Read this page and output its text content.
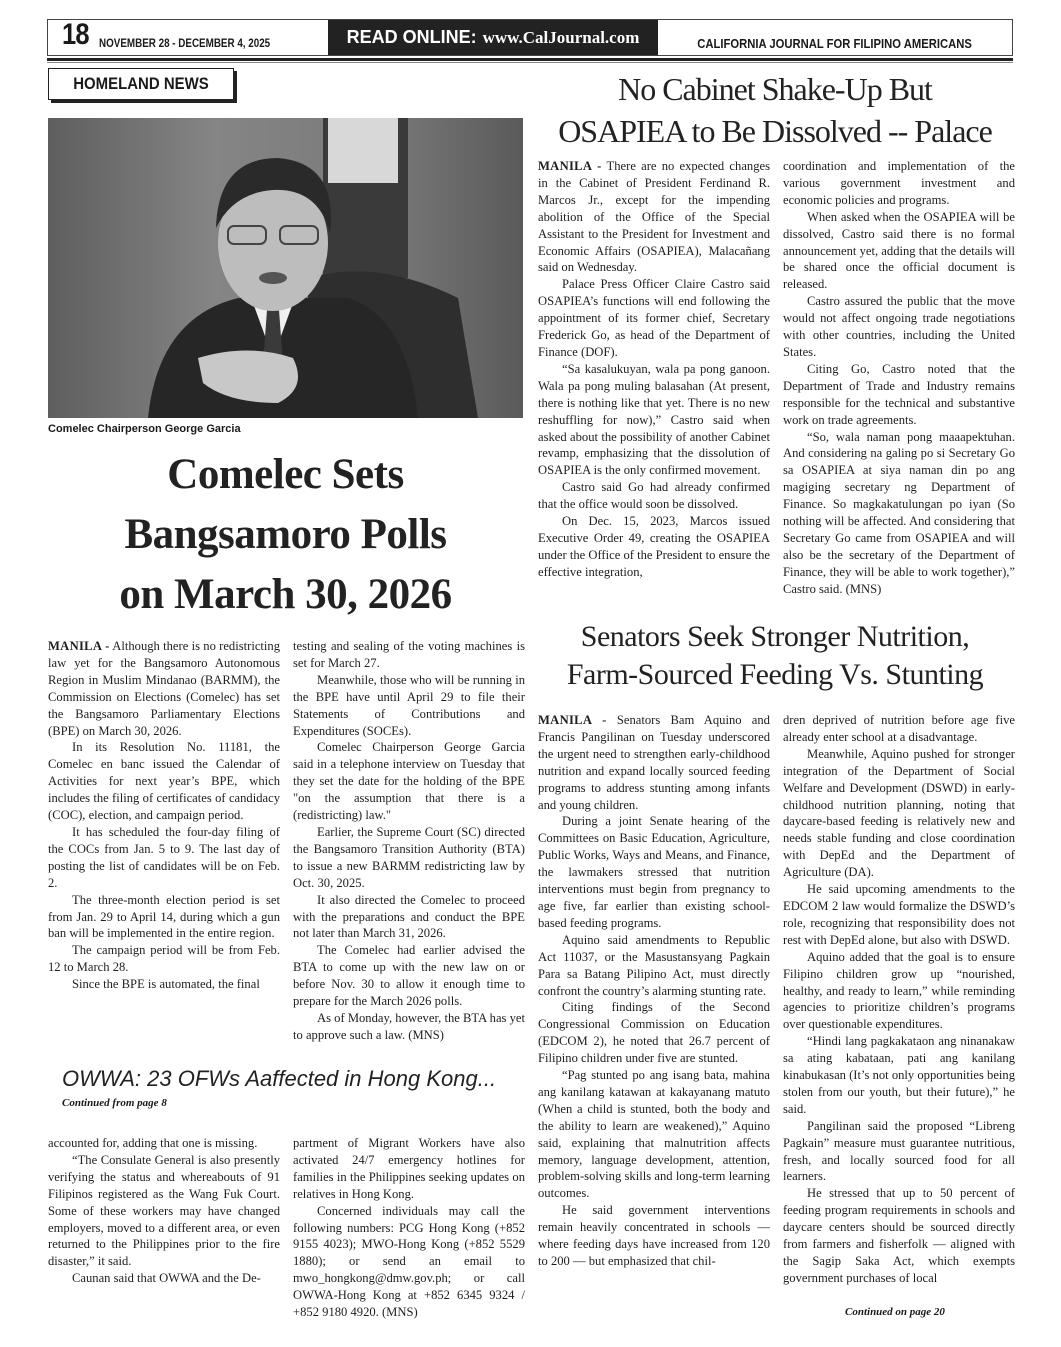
18 NOVEMBER 28 - DECEMBER 4, 2025	READ ONLINE: www.CalJournal.com	CALIFORNIA JOURNAL FOR FILIPINO AMERICANS
HOMELAND NEWS	No Cabinet Shake-Up But
OSAPIEA to Be Dissolved -- Palace
Comelec Chairperson George Garcia
Comelec Sets
Bangsamoro Polls
on March 30, 2026
Senators Seek Stronger Nutrition,
Farm-Sourced Feeding Vs. Stunting
OWWA: 23 OFWs Aaffected in Hong Kong...
Continued from page 8

MANILA - There are no expected changes in the Cabinet of President Ferdinand R. Marcos Jr., except for the impending abolition of the Office of the Special Assistant to the President for Investment and Economic Affairs (OSAPIEA), Malacañang said on Wednesday.

Palace Press Officer Claire Castro said OSAPIEA’s functions will end following the appointment of its former chief, Secretary Frederick Go, as head of the Department of Finance (DOF).

“Sa kasalukuyan, wala pa pong ganoon. Wala pa pong muling balasahan (At present, there is nothing like that yet. There is no new reshuffling for now),” Castro said when asked about the possibility of another Cabinet revamp, emphasizing that the dissolution of OSAPIEA is the only confirmed movement.

Castro said Go had already confirmed that the office would soon be dissolved.

On Dec. 15, 2023, Marcos issued Executive Order 49, creating the OSAPIEA under the Office of the President to ensure the effective integration,

coordination and implementation of the various government investment and economic policies and programs.

When asked when the OSAPIEA will be dissolved, Castro said there is no formal announcement yet, adding that the details will be shared once the official document is released.

Castro assured the public that the move would not affect ongoing trade negotiations with other countries, including the United States.

Citing Go, Castro noted that the Department of Trade and Industry remains responsible for the technical and substantive work on trade agreements.

“So, wala naman pong maaapektuhan. And considering na galing po si Secretary Go sa OSAPIEA at siya naman din po ang magiging secretary ng Department of Finance. So magkakatulungan po iyan (So nothing will be affected. And considering that Secretary Go came from OSAPIEA and will also be the secretary of the Department of Finance, they will be able to work together),” Castro said. (MNS)

MANILA - Although there is no redistricting law yet for the Bangsamoro Autonomous Region in Muslim Mindanao (BARMM), the Commission on Elections (Comelec) has set the Bangsamoro Parliamentary Elections (BPE) on March 30, 2026.

In its Resolution No. 11181, the Comelec en banc issued the Calendar of Activities for next year’s BPE, which includes the filing of certificates of candidacy (COC), election, and campaign period.

It has scheduled the four-day filing of the COCs from Jan. 5 to 9. The last day of posting the list of candidates will be on Feb. 2.

The three-month election period is set from Jan. 29 to April 14, during which a gun ban will be implemented in the entire region.

The campaign period will be from Feb. 12 to March 28.

Since the BPE is automated, the final

testing and sealing of the voting machines is set for March 27.

Meanwhile, those who will be running in the BPE have until April 29 to file their Statements of Contributions and Expenditures (SOCEs).

Comelec Chairperson George Garcia said in a telephone interview on Tuesday that they set the date for the holding of the BPE "on the assumption that there is a (redistricting) law."

Earlier, the Supreme Court (SC) directed the Bangsamoro Transition Authority (BTA) to issue a new BARMM redistricting law by Oct. 30, 2025.

It also directed the Comelec to proceed with the preparations and conduct the BPE not later than March 31, 2026.

The Comelec had earlier advised the BTA to come up with the new law on or before Nov. 30 to allow it enough time to prepare for the March 2026 polls.

As of Monday, however, the BTA has yet to approve such a law. (MNS)

MANILA - Senators Bam Aquino and Francis Pangilinan on Tuesday underscored the urgent need to strengthen early-childhood nutrition and expand locally sourced feeding programs to address stunting among infants and young children.

During a joint Senate hearing of the Committees on Basic Education, Agriculture, Public Works, Ways and Means, and Finance, the lawmakers stressed that nutrition interventions must begin from pregnancy to age five, far earlier than existing school-based feeding programs.

Aquino said amendments to Republic Act 11037, or the Masustansyang Pagkain Para sa Batang Pilipino Act, must directly confront the country’s alarming stunting rate.

Citing findings of the Second Congressional Commission on Education (EDCOM 2), he noted that 26.7 percent of Filipino children under five are stunted.

“Pag stunted po ang isang bata, mahina ang kanilang katawan at kakayanang matuto (When a child is stunted, both the body and the ability to learn are weakened),” Aquino said, explaining that malnutrition affects memory, language development, attention, problem-solving skills and long-term learning outcomes.

He said government interventions remain heavily concentrated in schools — where feeding days have increased from 120 to 200 — but emphasized that chil-

dren deprived of nutrition before age five already enter school at a disadvantage.

Meanwhile, Aquino pushed for stronger integration of the Department of Social Welfare and Development (DSWD) in early-childhood nutrition planning, noting that daycare-based feeding is relatively new and needs stable funding and close coordination with DepEd and the Department of Agriculture (DA).

He said upcoming amendments to the EDCOM 2 law would formalize the DSWD’s role, recognizing that responsibility does not rest with DepEd alone, but also with DSWD.

Aquino added that the goal is to ensure Filipino children grow up “nourished, healthy, and ready to learn,” while reminding agencies to prioritize children’s programs over questionable expenditures.

“Hindi lang pagkakataon ang ninanakaw sa ating kabataan, pati ang kanilang kinabukasan (It’s not only opportunities being stolen from our youth, but their future),” he said.

Pangilinan said the proposed “Libreng Pagkain” measure must guarantee nutritious, fresh, and locally sourced food for all learners.

He stressed that up to 50 percent of feeding program requirements in schools and daycare centers should be sourced directly from farmers and fisherfolk — aligned with the Sagip Saka Act, which exempts government purchases of local

accounted for, adding that one is missing.

“The Consulate General is also presently verifying the status and whereabouts of 91 Filipinos registered as the Wang Fuk Court. Some of these workers may have changed employers, moved to a different area, or even returned to the Philippines prior to the fire disaster,” it said.

Caunan said that OWWA and the De-

partment of Migrant Workers have also activated 24/7 emergency hotlines for families in the Philippines seeking updates on relatives in Hong Kong.

Concerned individuals may call the following numbers: PCG Hong Kong (+852 9155 4023); MWO-Hong Kong (+852 5529 1880); or send an email to mwo_hongkong@dmw.gov.ph; or call OWWA-Hong Kong at +852 6345 9324 / +852 9180 4920. (MNS)	Continued on page 20
